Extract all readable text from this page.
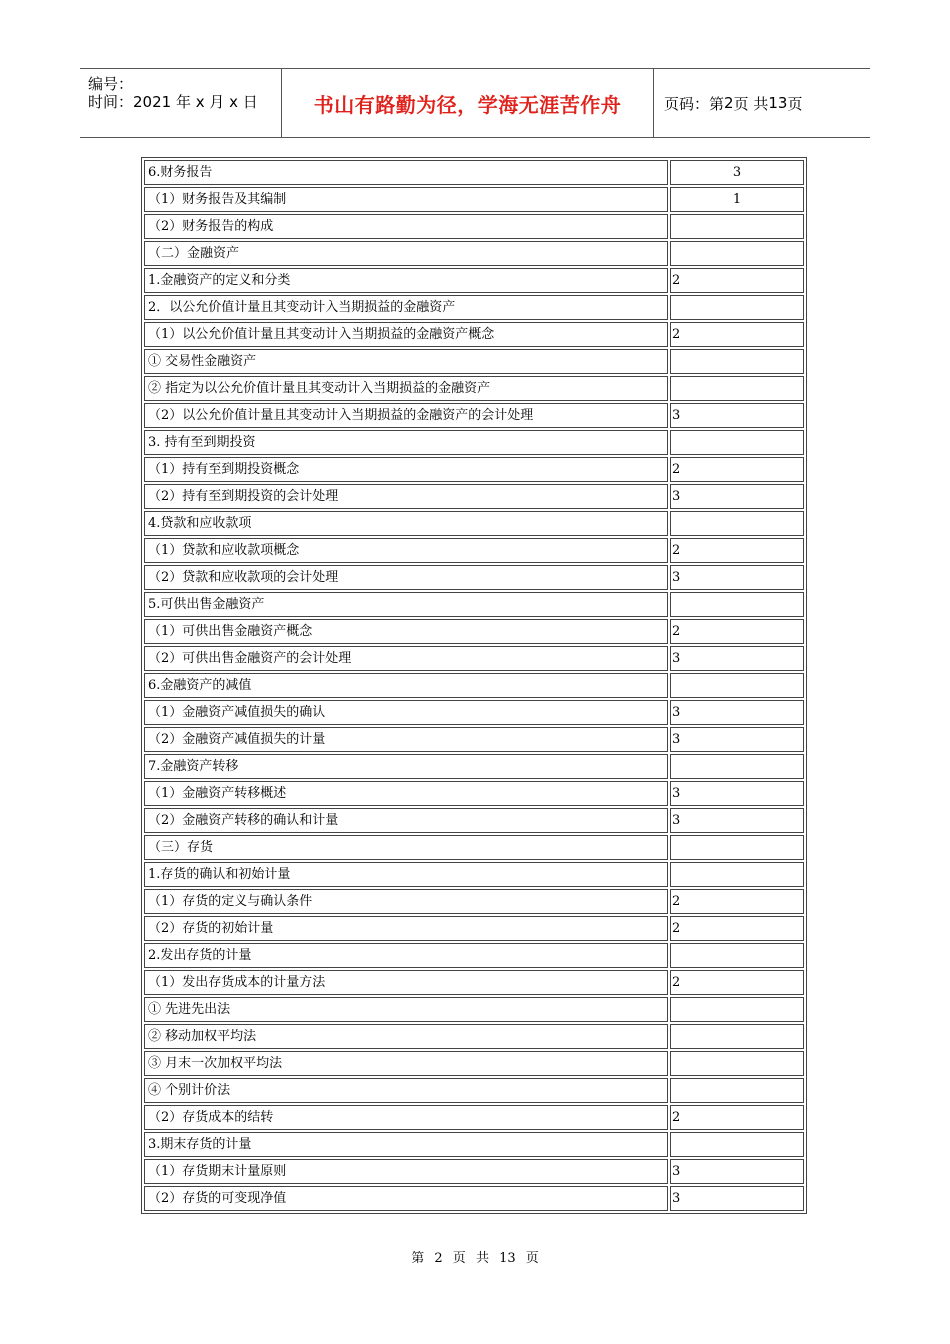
编号：
时间：2021 年 x 月 x 日	书山有路勤为径，学海无涯苦作舟	页码：第 2 页 共 13 页
6.财务报告	3
（1）财务报告及其编制	1
（2）财务报告的构成	
（二）金融资产	
1.金融资产的定义和分类	2
2．以公允价值计量且其变动计入当期损益的金融资产	
（1）以公允价值计量且其变动计入当期损益的金融资产概念	2
① 交易性金融资产	
② 指定为以公允价值计量且其变动计入当期损益的金融资产	
（2）以公允价值计量且其变动计入当期损益的金融资产的会计处理	3
3. 持有至到期投资	
（1）持有至到期投资概念	2
（2）持有至到期投资的会计处理	3
4.贷款和应收款项	
（1）贷款和应收款项概念	2
（2）贷款和应收款项的会计处理	3
5.可供出售金融资产	
（1）可供出售金融资产概念	2
（2）可供出售金融资产的会计处理	3
6.金融资产的减值	
（1）金融资产减值损失的确认	3
（2）金融资产减值损失的计量	3
7.金融资产转移	
（1）金融资产转移概述	3
（2）金融资产转移的确认和计量	3
（三）存货	
1.存货的确认和初始计量	
（1）存货的定义与确认条件	2
（2）存货的初始计量	2
2.发出存货的计量	
（1）发出存货成本的计量方法	2
① 先进先出法	
② 移动加权平均法	
③ 月末一次加权平均法	
④ 个别计价法	
（2）存货成本的结转	2
3.期末存货的计量	
（1）存货期末计量原则	3
（2）存货的可变现净值	3
第 2 页 共 13 页
